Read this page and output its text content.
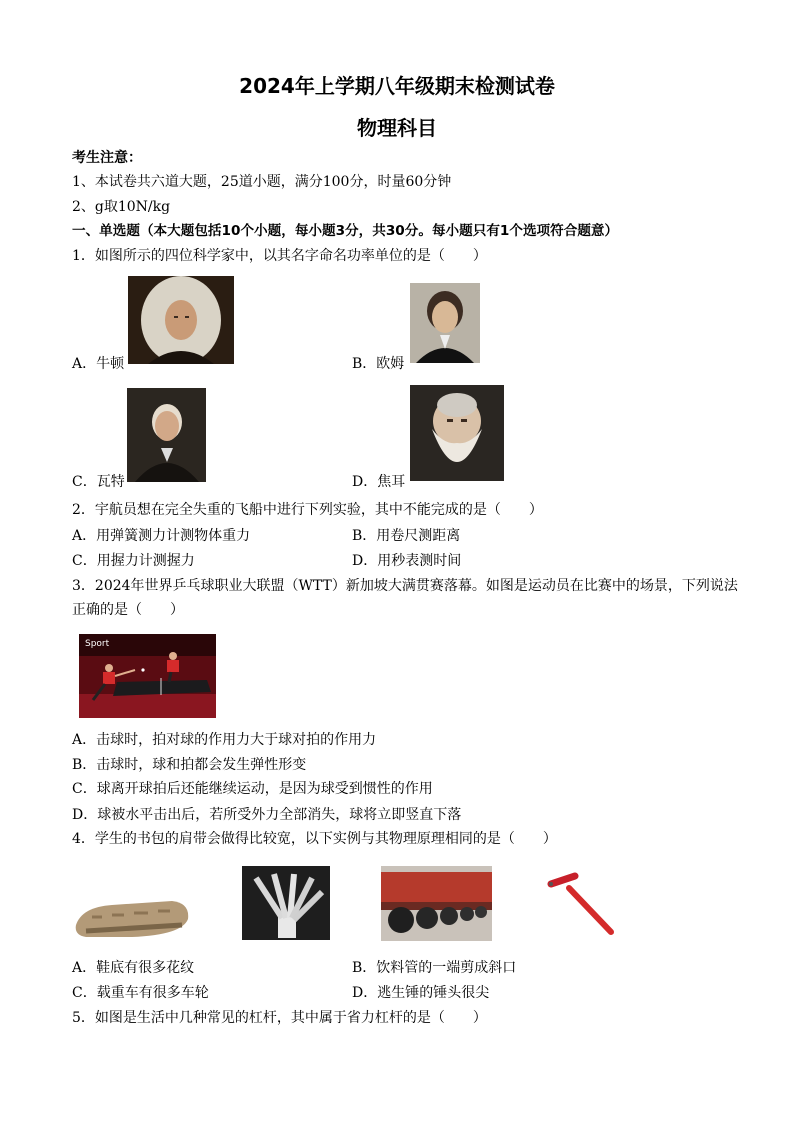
2024年上学期八年级期末检测试卷
物理科目
考生注意：
1、本试卷共六道大题，25道小题，满分100分，时量60分钟
2、g取10N/kg
一、单选题（本大题包括10个小题，每小题3分，共30分。每小题只有1个选项符合题意）
1．如图所示的四位科学家中，以其名字命名功率单位的是（　　）
A．牛顿	B．欧姆
C．瓦特	D．焦耳
2．宇航员想在完全失重的飞船中进行下列实验，其中不能完成的是（　　）
A．用弹簧测力计测物体重力	B．用卷尺测距离
C．用握力计测握力	D．用秒表测时间
3．2024年世界乒乓球职业大联盟（WTT）新加坡大满贯赛落幕。如图是运动员在比赛中的场景，下列说法
正确的是（　　）
Sport
A．击球时，拍对球的作用力大于球对拍的作用力
B．击球时，球和拍都会发生弹性形变
C．球离开球拍后还能继续运动，是因为球受到惯性的作用
D．球被水平击出后，若所受外力全部消失，球将立即竖直下落
4．学生的书包的肩带会做得比较宽，以下实例与其物理原理相同的是（　　）
A．鞋底有很多花纹	B．饮料管的一端剪成斜口
C．载重车有很多车轮	D．逃生锤的锤头很尖
5．如图是生活中几种常见的杠杆，其中属于省力杠杆的是（　　）
